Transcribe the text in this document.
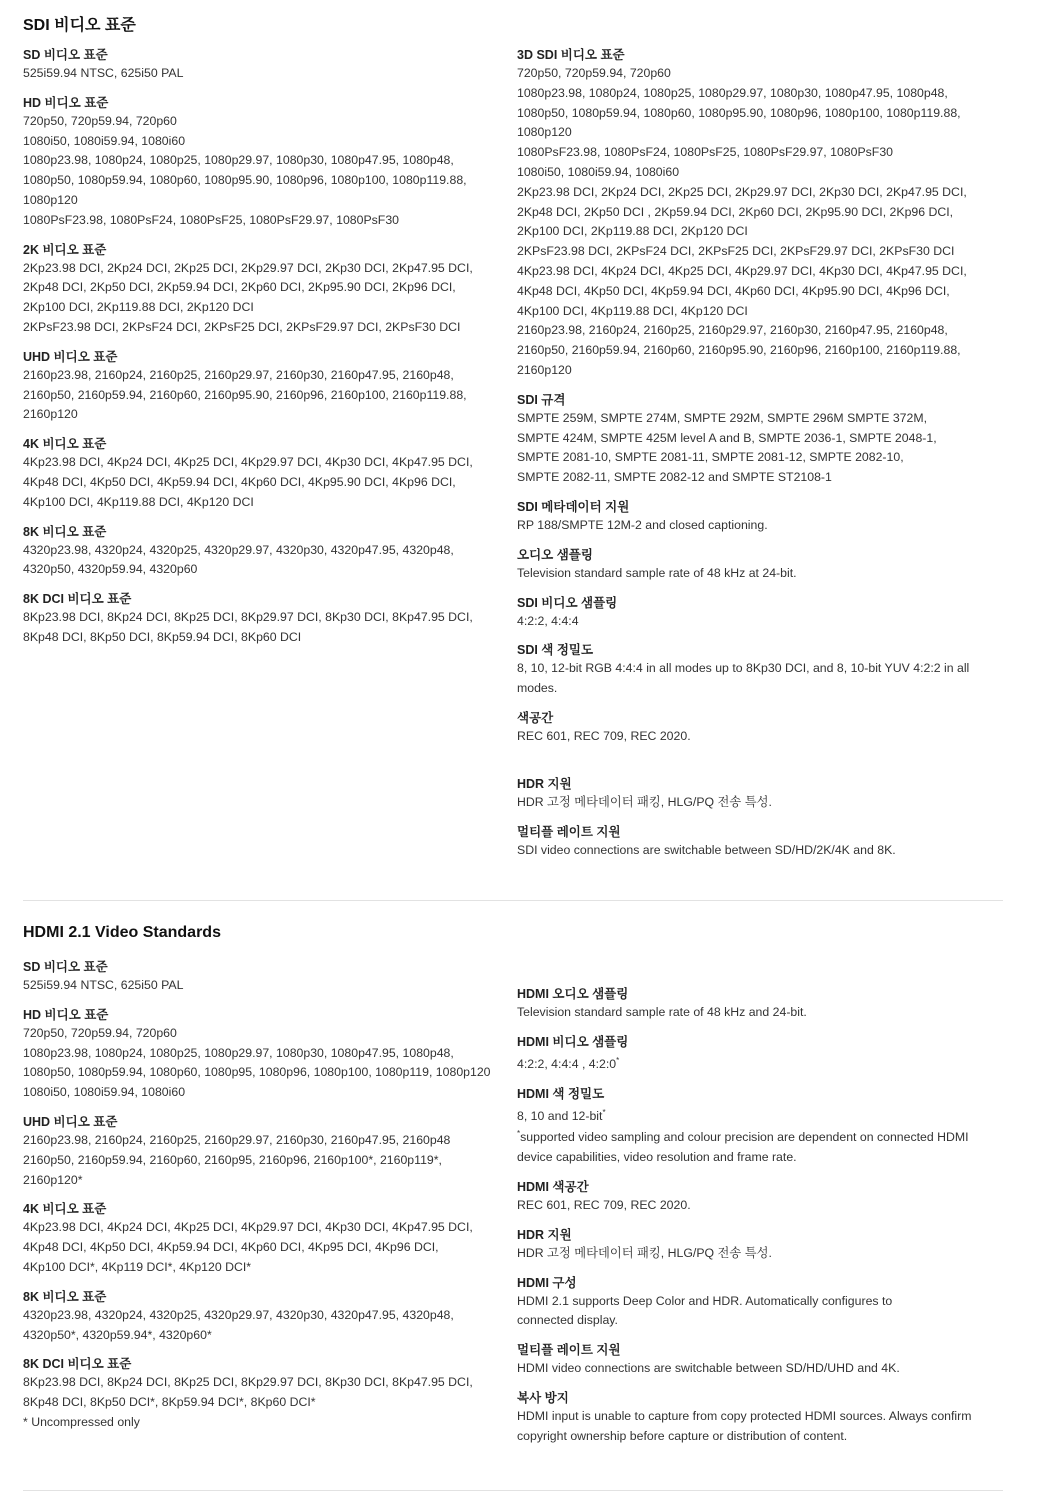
SDI 비디오 표준
SD 비디오 표준
525i59.94 NTSC, 625i50 PAL
HD 비디오 표준
720p50, 720p59.94, 720p60
1080i50, 1080i59.94, 1080i60
1080p23.98, 1080p24, 1080p25, 1080p29.97, 1080p30, 1080p47.95, 1080p48,
1080p50, 1080p59.94, 1080p60, 1080p95.90, 1080p96, 1080p100, 1080p119.88,
1080p120
1080PsF23.98, 1080PsF24, 1080PsF25, 1080PsF29.97, 1080PsF30
2K 비디오 표준
2Kp23.98 DCI, 2Kp24 DCI, 2Kp25 DCI, 2Kp29.97 DCI, 2Kp30 DCI, 2Kp47.95 DCI,
2Kp48 DCI, 2Kp50 DCI, 2Kp59.94 DCI, 2Kp60 DCI, 2Kp95.90 DCI, 2Kp96 DCI,
2Kp100 DCI, 2Kp119.88 DCI, 2Kp120 DCI
2KPsF23.98 DCI, 2KPsF24 DCI, 2KPsF25 DCI, 2KPsF29.97 DCI, 2KPsF30 DCI
UHD 비디오 표준
2160p23.98, 2160p24, 2160p25, 2160p29.97, 2160p30, 2160p47.95, 2160p48,
2160p50, 2160p59.94, 2160p60, 2160p95.90, 2160p96, 2160p100, 2160p119.88,
2160p120
4K 비디오 표준
4Kp23.98 DCI, 4Kp24 DCI, 4Kp25 DCI, 4Kp29.97 DCI, 4Kp30 DCI, 4Kp47.95 DCI,
4Kp48 DCI, 4Kp50 DCI, 4Kp59.94 DCI, 4Kp60 DCI, 4Kp95.90 DCI, 4Kp96 DCI,
4Kp100 DCI, 4Kp119.88 DCI, 4Kp120 DCI
8K 비디오 표준
4320p23.98, 4320p24, 4320p25, 4320p29.97, 4320p30, 4320p47.95, 4320p48,
4320p50, 4320p59.94, 4320p60
8K DCI 비디오 표준
8Kp23.98 DCI, 8Kp24 DCI, 8Kp25 DCI, 8Kp29.97 DCI, 8Kp30 DCI, 8Kp47.95 DCI,
8Kp48 DCI, 8Kp50 DCI, 8Kp59.94 DCI, 8Kp60 DCI
3D SDI 비디오 표준
720p50, 720p59.94, 720p60
1080p23.98, 1080p24, 1080p25, 1080p29.97, 1080p30, 1080p47.95, 1080p48,
1080p50, 1080p59.94, 1080p60, 1080p95.90, 1080p96, 1080p100, 1080p119.88,
1080p120
1080PsF23.98, 1080PsF24, 1080PsF25, 1080PsF29.97, 1080PsF30
1080i50, 1080i59.94, 1080i60
2Kp23.98 DCI, 2Kp24 DCI, 2Kp25 DCI, 2Kp29.97 DCI, 2Kp30 DCI, 2Kp47.95 DCI,
2Kp48 DCI, 2Kp50 DCI , 2Kp59.94 DCI, 2Kp60 DCI, 2Kp95.90 DCI, 2Kp96 DCI,
2Kp100 DCI, 2Kp119.88 DCI, 2Kp120 DCI
2KPsF23.98 DCI, 2KPsF24 DCI, 2KPsF25 DCI, 2KPsF29.97 DCI, 2KPsF30 DCI
4Kp23.98 DCI, 4Kp24 DCI, 4Kp25 DCI, 4Kp29.97 DCI, 4Kp30 DCI, 4Kp47.95 DCI,
4Kp48 DCI, 4Kp50 DCI, 4Kp59.94 DCI, 4Kp60 DCI, 4Kp95.90 DCI, 4Kp96 DCI,
4Kp100 DCI, 4Kp119.88 DCI, 4Kp120 DCI
2160p23.98, 2160p24, 2160p25, 2160p29.97, 2160p30, 2160p47.95, 2160p48,
2160p50, 2160p59.94, 2160p60, 2160p95.90, 2160p96, 2160p100, 2160p119.88,
2160p120
SDI 규격
SMPTE 259M, SMPTE 274M, SMPTE 292M, SMPTE 296M SMPTE 372M,
SMPTE 424M, SMPTE 425M level A and B, SMPTE 2036-1, SMPTE 2048-1,
SMPTE 2081-10, SMPTE 2081-11, SMPTE 2081-12, SMPTE 2082-10,
SMPTE 2082-11, SMPTE 2082-12 and SMPTE ST2108-1
SDI 메타데이터 지원
RP 188/SMPTE 12M-2 and closed captioning.
오디오 샘플링
Television standard sample rate of 48 kHz at 24-bit.
SDI 비디오 샘플링
4:2:2, 4:4:4
SDI 색 정밀도
8, 10, 12-bit RGB 4:4:4 in all modes up to 8Kp30 DCI, and 8, 10-bit YUV 4:2:2 in all
modes.
색공간
REC 601, REC 709, REC 2020.
HDR 지원
HDR 고정 메타데이터 패킹, HLG/PQ 전송 특성.
멀티플 레이트 지원
SDI video connections are switchable between SD/HD/2K/4K and 8K.
HDMI 2.1 Video Standards
SD 비디오 표준
525i59.94 NTSC, 625i50 PAL
HD 비디오 표준
720p50, 720p59.94, 720p60
1080p23.98, 1080p24, 1080p25, 1080p29.97, 1080p30, 1080p47.95, 1080p48,
1080p50, 1080p59.94, 1080p60, 1080p95, 1080p96, 1080p100, 1080p119, 1080p120
1080i50, 1080i59.94, 1080i60
UHD 비디오 표준
2160p23.98, 2160p24, 2160p25, 2160p29.97, 2160p30, 2160p47.95, 2160p48
2160p50, 2160p59.94, 2160p60, 2160p95, 2160p96, 2160p100*, 2160p119*,
2160p120*
4K 비디오 표준
4Kp23.98 DCI, 4Kp24 DCI, 4Kp25 DCI, 4Kp29.97 DCI, 4Kp30 DCI, 4Kp47.95 DCI,
4Kp48 DCI, 4Kp50 DCI, 4Kp59.94 DCI, 4Kp60 DCI, 4Kp95 DCI, 4Kp96 DCI,
4Kp100 DCI*, 4Kp119 DCI*, 4Kp120 DCI*
8K 비디오 표준
4320p23.98, 4320p24, 4320p25, 4320p29.97, 4320p30, 4320p47.95, 4320p48,
4320p50*, 4320p59.94*, 4320p60*
8K DCI 비디오 표준
8Kp23.98 DCI, 8Kp24 DCI, 8Kp25 DCI, 8Kp29.97 DCI, 8Kp30 DCI, 8Kp47.95 DCI,
8Kp48 DCI, 8Kp50 DCI*, 8Kp59.94 DCI*, 8Kp60 DCI*
* Uncompressed only
HDMI 오디오 샘플링
Television standard sample rate of 48 kHz and 24-bit.
HDMI 비디오 샘플링
4:2:2, 4:4:4 , 4:2:0*
HDMI 색 정밀도
8, 10 and 12-bit*
*supported video sampling and colour precision are dependent on connected HDMI
device capabilities, video resolution and frame rate.
HDMI 색공간
REC 601, REC 709, REC 2020.
HDR 지원
HDR 고정 메타데이터 패킹, HLG/PQ 전송 특성.
HDMI 구성
HDMI 2.1 supports Deep Color and HDR. Automatically configures to
connected display.
멀티플 레이트 지원
HDMI video connections are switchable between SD/HD/UHD and 4K.
복사 방지
HDMI input is unable to capture from copy protected HDMI sources. Always confirm
copyright ownership before capture or distribution of content.
